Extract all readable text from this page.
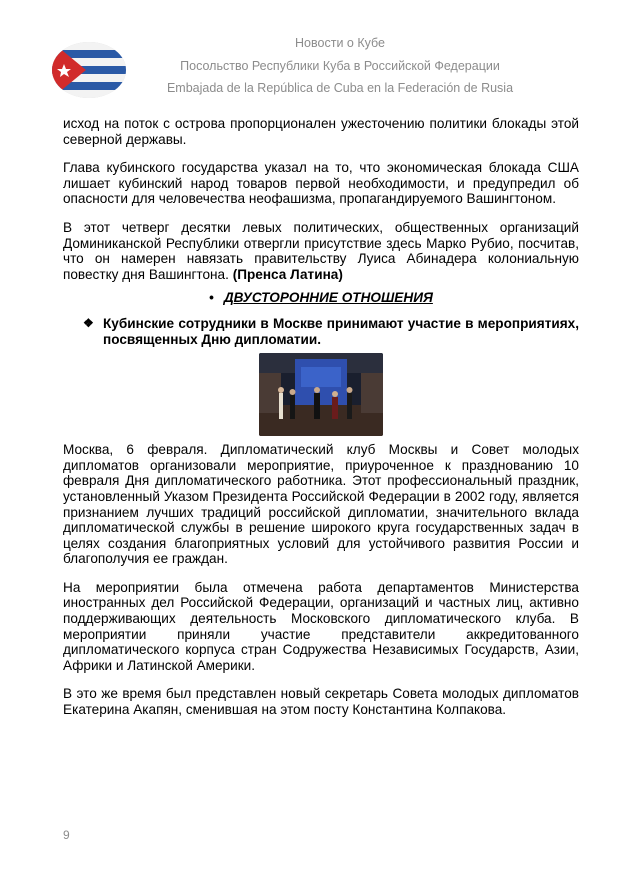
Новости о Кубе
Посольство Республики Куба в Российской Федерации
Embajada de la República de Cuba en la Federación de Rusia

исход на поток с острова пропорционален ужесточению политики блокады этой северной державы.

Глава кубинского государства указал на то, что экономическая блокада США лишает кубинский народ товаров первой необходимости, и предупредил об опасности для человечества неофашизма, пропагандируемого Вашингтоном.

В этот четверг десятки левых политических, общественных организаций Доминиканской Республики отвергли присутствие здесь Марко Рубио, посчитав, что он намерен навязать правительству Луиса Абинадера колониальную повестку дня Вашингтона. (Пренса Латина)

• ДВУСТОРОННИЕ ОТНОШЕНИЯ
❖ Кубинские сотрудники в Москве принимают участие в мероприятиях, посвященных Дню дипломатии.

Москва, 6 февраля. Дипломатический клуб Москвы и Совет молодых дипломатов организовали мероприятие, приуроченное к празднованию 10 февраля Дня дипломатического работника. Этот профессиональный праздник, установленный Указом Президента Российской Федерации в 2002 году, является признанием лучших традиций российской дипломатии, значительного вклада дипломатической службы в решение широкого круга государственных задач в целях создания благоприятных условий для устойчивого развития России и благополучия ее граждан.

На мероприятии была отмечена работа департаментов Министерства иностранных дел Российской Федерации, организаций и частных лиц, активно поддерживающих деятельность Московского дипломатического клуба. В мероприятии приняли участие представители аккредитованного дипломатического корпуса стран Содружества Независимых Государств, Азии, Африки и Латинской Америки.

В это же время был представлен новый секретарь Совета молодых дипломатов Екатерина Акапян, сменившая на этом посту Константина Колпакова.

9
